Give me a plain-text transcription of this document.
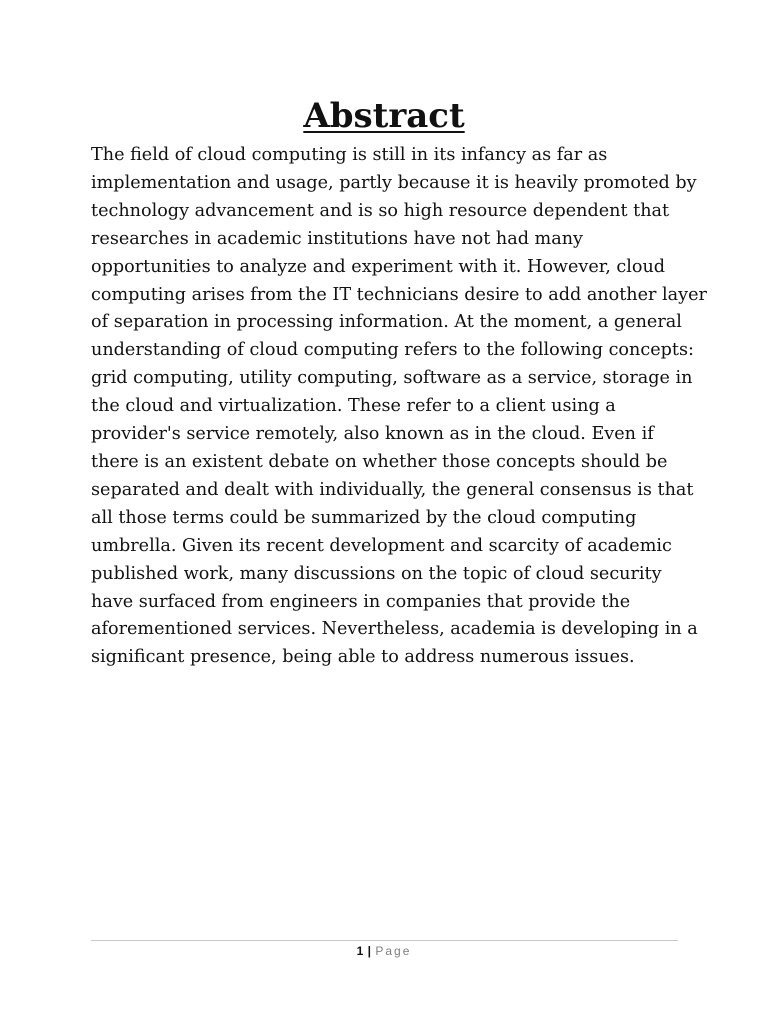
Abstract

The field of cloud computing is still in its infancy as far as
implementation and usage, partly because it is heavily promoted by
technology advancement and is so high resource dependent that
researches in academic institutions have not had many
opportunities to analyze and experiment with it. However, cloud
computing arises from the IT technicians desire to add another layer
of separation in processing information. At the moment, a general
understanding of cloud computing refers to the following concepts:
grid computing, utility computing, software as a service, storage in
the cloud and virtualization. These refer to a client using a
provider's service remotely, also known as in the cloud. Even if
there is an existent debate on whether those concepts should be
separated and dealt with individually, the general consensus is that
all those terms could be summarized by the cloud computing
umbrella. Given its recent development and scarcity of academic
published work, many discussions on the topic of cloud security
have surfaced from engineers in companies that provide the
aforementioned services. Nevertheless, academia is developing in a
significant presence, being able to address numerous issues.

1 | Page
